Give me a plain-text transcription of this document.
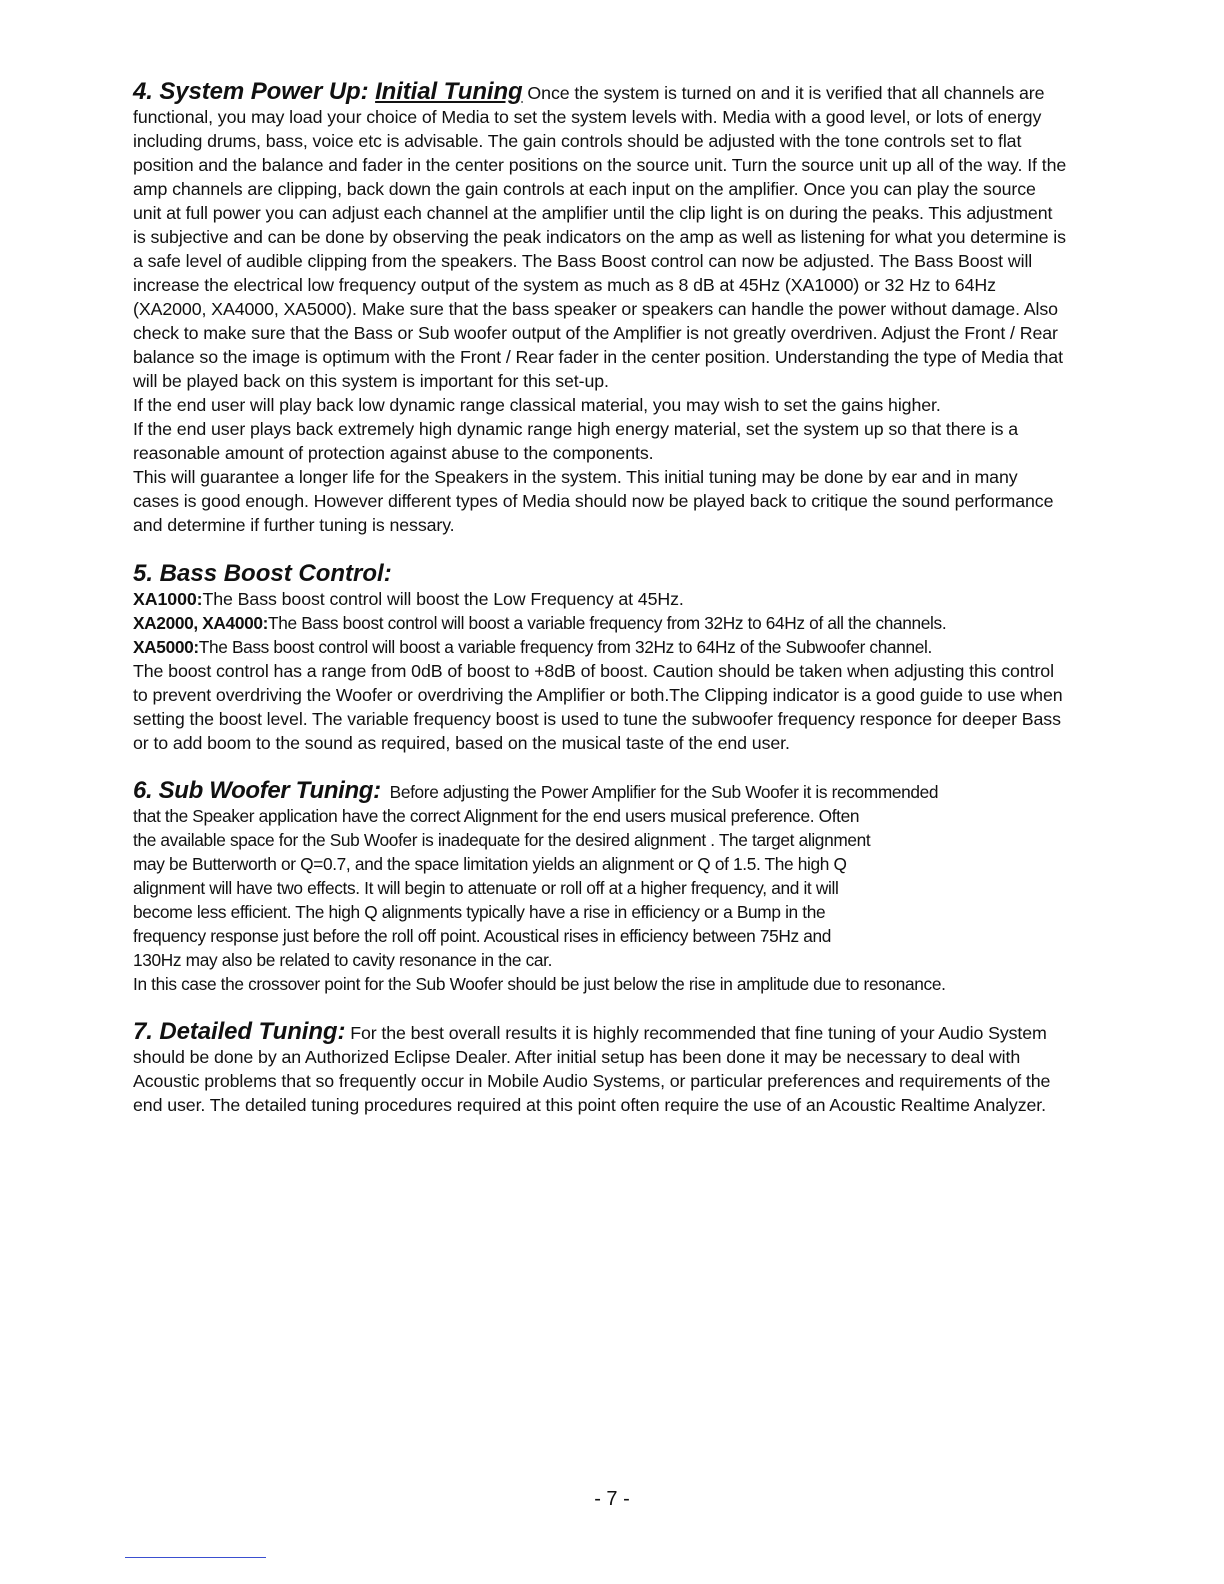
4. System Power Up: Initial Tuning Once the system is turned on and it is verified that all channels are functional, you may load your choice of Media to set the system levels with. Media with a good level, or lots of energy including drums, bass, voice etc is advisable. The gain controls should be adjusted with the tone controls set to flat position and the balance and fader in the center positions on the source unit. Turn the source unit up all of the way. If the amp channels are clipping, back down the gain controls at each input on the amplifier. Once you can play the source unit at full power you can adjust each channel at the amplifier until the clip light is on during the peaks. This adjustment is subjective and can be done by observing the peak indicators on the amp as well as listening for what you determine is a safe level of audible clipping from the speakers. The Bass Boost control can now be adjusted. The Bass Boost will increase the electrical low frequency output of the system as much as 8 dB at 45Hz (XA1000) or 32 Hz to 64Hz (XA2000, XA4000, XA5000). Make sure that the bass speaker or speakers can handle the power without damage. Also check to make sure that the Bass or Sub woofer output of the Amplifier is not greatly overdriven. Adjust the Front / Rear balance so the image is optimum with the Front / Rear fader in the center position. Understanding the type of Media that will be played back on this system is important for this set-up.

If the end user will play back low dynamic range classical material, you may wish to set the gains higher.

If the end user plays back extremely high dynamic range high energy material, set the system up so that there is a reasonable amount of protection against abuse to the components.

This will guarantee a longer life for the Speakers in the system. This initial tuning may be done by ear and in many cases is good enough. However different types of Media should now be played back to critique the sound performance and determine if further tuning is nessary.

5. Bass Boost Control:

XA1000:The Bass boost control will boost the Low Frequency at 45Hz.

XA2000, XA4000:The Bass boost control will boost a variable frequency from 32Hz to 64Hz of all the channels.

XA5000:The Bass boost control will boost a variable frequency from 32Hz to 64Hz of the Subwoofer channel.

The boost control has a range from 0dB of boost to +8dB of boost. Caution should be taken when adjusting this control to prevent overdriving the Woofer or overdriving the Amplifier or both.The Clipping indicator is a good guide to use when setting the boost level. The variable frequency boost is used to tune the subwoofer frequency responce for deeper Bass or to add boom to the sound as required, based on the musical taste of the end user.

6. Sub Woofer Tuning: Before adjusting the Power Amplifier for the Sub Woofer it is recommended

that the Speaker application have the correct Alignment for the end users musical preference. Often

the available space for the Sub Woofer is inadequate for the desired alignment . The target alignment

may be Butterworth or Q=0.7, and the space limitation yields an alignment or Q of 1.5. The high Q

alignment will have two effects. It will begin to attenuate or roll off at a higher frequency, and it will

become less efficient. The high Q alignments typically have a rise in efficiency or a Bump in the

frequency response just before the roll off point. Acoustical rises in efficiency between 75Hz and

130Hz may also be related to cavity resonance in the car.

In this case the crossover point for the Sub Woofer should be just below the rise in amplitude due to resonance.

7. Detailed Tuning: For the best overall results it is highly recommended that fine tuning of your Audio System should be done by an Authorized Eclipse Dealer. After initial setup has been done it may be necessary to deal with Acoustic problems that so frequently occur in Mobile Audio Systems, or particular preferences and requirements of the end user. The detailed tuning procedures required at this point often require the use of an Acoustic Realtime Analyzer.

- 7 -
